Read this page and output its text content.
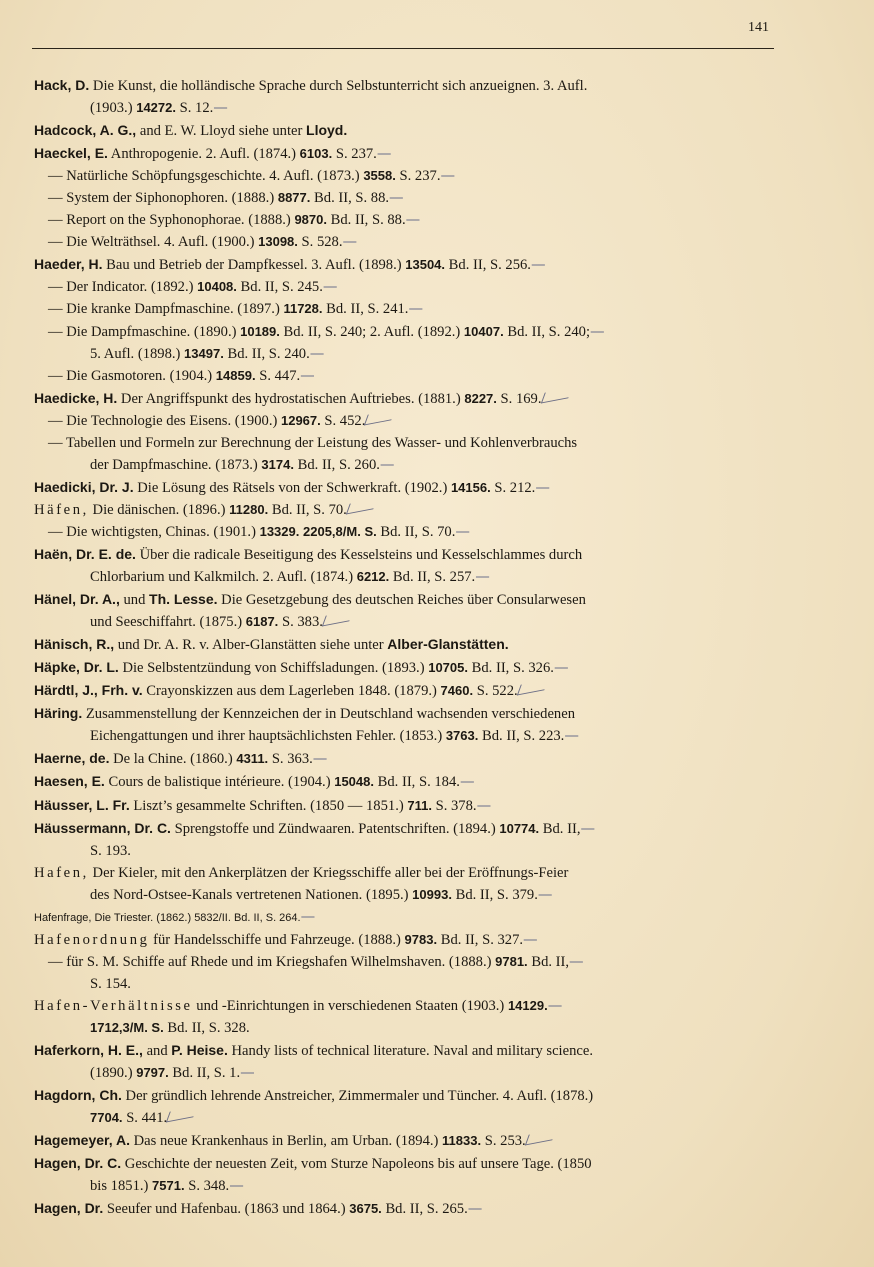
141
Hack, D. Die Kunst, die holländische Sprache durch Selbstunterricht sich anzueignen. 3. Aufl.
(1903.) 14272. S. 12.—
Hadcock, A. G., and E. W. Lloyd siehe unter Lloyd.
Haeckel, E. Anthropogenie. 2. Aufl. (1874.) 6103. S. 237.—
— Natürliche Schöpfungsgeschichte. 4. Aufl. (1873.) 3558. S. 237.—
— System der Siphonophoren. (1888.) 8877. Bd. II, S. 88.—
— Report on the Syphonophorae. (1888.) 9870. Bd. II, S. 88.—
— Die Welträthsel. 4. Aufl. (1900.) 13098. S. 528.—
Haeder, H. Bau und Betrieb der Dampfkessel. 3. Aufl. (1898.) 13504. Bd. II, S. 256.—
— Der Indicator. (1892.) 10408. Bd. II, S. 245.—
— Die kranke Dampfmaschine. (1897.) 11728. Bd. II, S. 241.—
— Die Dampfmaschine. (1890.) 10189. Bd. II, S. 240; 2. Aufl. (1892.) 10407. Bd. II, S. 240;—
5. Aufl. (1898.) 13497. Bd. II, S. 240.—
— Die Gasmotoren. (1904.) 14859. S. 447.—
Haedicke, H. Der Angriffspunkt des hydrostatischen Auftriebes. (1881.) 8227. S. 169.
— Die Technologie des Eisens. (1900.) 12967. S. 452.
— Tabellen und Formeln zur Berechnung der Leistung des Wasser- und Kohlenverbrauchs
der Dampfmaschine. (1873.) 3174. Bd. II, S. 260.—
Haedicki, Dr. J. Die Lösung des Rätsels von der Schwerkraft. (1902.) 14156. S. 212.—
Häfen, Die dänischen. (1896.) 11280. Bd. II, S. 70.
— Die wichtigsten, Chinas. (1901.) 13329. 2205,8/M. S. Bd. II, S. 70.—
Haën, Dr. E. de. Über die radicale Beseitigung des Kesselsteins und Kesselschlammes durch
Chlorbarium und Kalkmilch. 2. Aufl. (1874.) 6212. Bd. II, S. 257.—
Hänel, Dr. A., und Th. Lesse. Die Gesetzgebung des deutschen Reiches über Consularwesen
und Seeschiffahrt. (1875.) 6187. S. 383.
Hänisch, R., und Dr. A. R. v. Alber-Glanstätten siehe unter Alber-Glanstätten.
Häpke, Dr. L. Die Selbstentzündung von Schiffsladungen. (1893.) 10705. Bd. II, S. 326.—
Härdtl, J., Frh. v. Crayonskizzen aus dem Lagerleben 1848. (1879.) 7460. S. 522.
Häring. Zusammenstellung der Kennzeichen der in Deutschland wachsenden verschiedenen
Eichengattungen und ihrer hauptsächlichsten Fehler. (1853.) 3763. Bd. II, S. 223.—
Haerne, de. De la Chine. (1860.) 4311. S. 363.—
Haesen, E. Cours de balistique intérieure. (1904.) 15048. Bd. II, S. 184.—
Häusser, L. Fr. Liszt’s gesammelte Schriften. (1850 — 1851.) 711. S. 378.—
Häussermann, Dr. C. Sprengstoffe und Zündwaaren. Patentschriften. (1894.) 10774. Bd. II,—
S. 193.
Hafen, Der Kieler, mit den Ankerplätzen der Kriegsschiffe aller bei der Eröffnungs-Feier
des Nord-Ostsee-Kanals vertretenen Nationen. (1895.) 10993. Bd. II, S. 379.—
Hafenfrage, Die Triester. (1862.) 5832/II. Bd. II, S. 264.—
Hafenordnung für Handelsschiffe und Fahrzeuge. (1888.) 9783. Bd. II, S. 327.—
— für S. M. Schiffe auf Rhede und im Kriegshafen Wilhelmshaven. (1888.) 9781. Bd. II,—
S. 154.
Hafen-Verhältnisse und -Einrichtungen in verschiedenen Staaten (1903.) 14129.—
1712,3/M. S. Bd. II, S. 328.
Haferkorn, H. E., and P. Heise. Handy lists of technical literature. Naval and military science.
(1890.) 9797. Bd. II, S. 1.—
Hagdorn, Ch. Der gründlich lehrende Anstreicher, Zimmermaler und Tüncher. 4. Aufl. (1878.)
7704. S. 441.
Hagemeyer, A. Das neue Krankenhaus in Berlin, am Urban. (1894.) 11833. S. 253.
Hagen, Dr. C. Geschichte der neuesten Zeit, vom Sturze Napoleons bis auf unsere Tage. (1850
bis 1851.) 7571. S. 348.—
Hagen, Dr. Seeufer und Hafenbau. (1863 und 1864.) 3675. Bd. II, S. 265.—
